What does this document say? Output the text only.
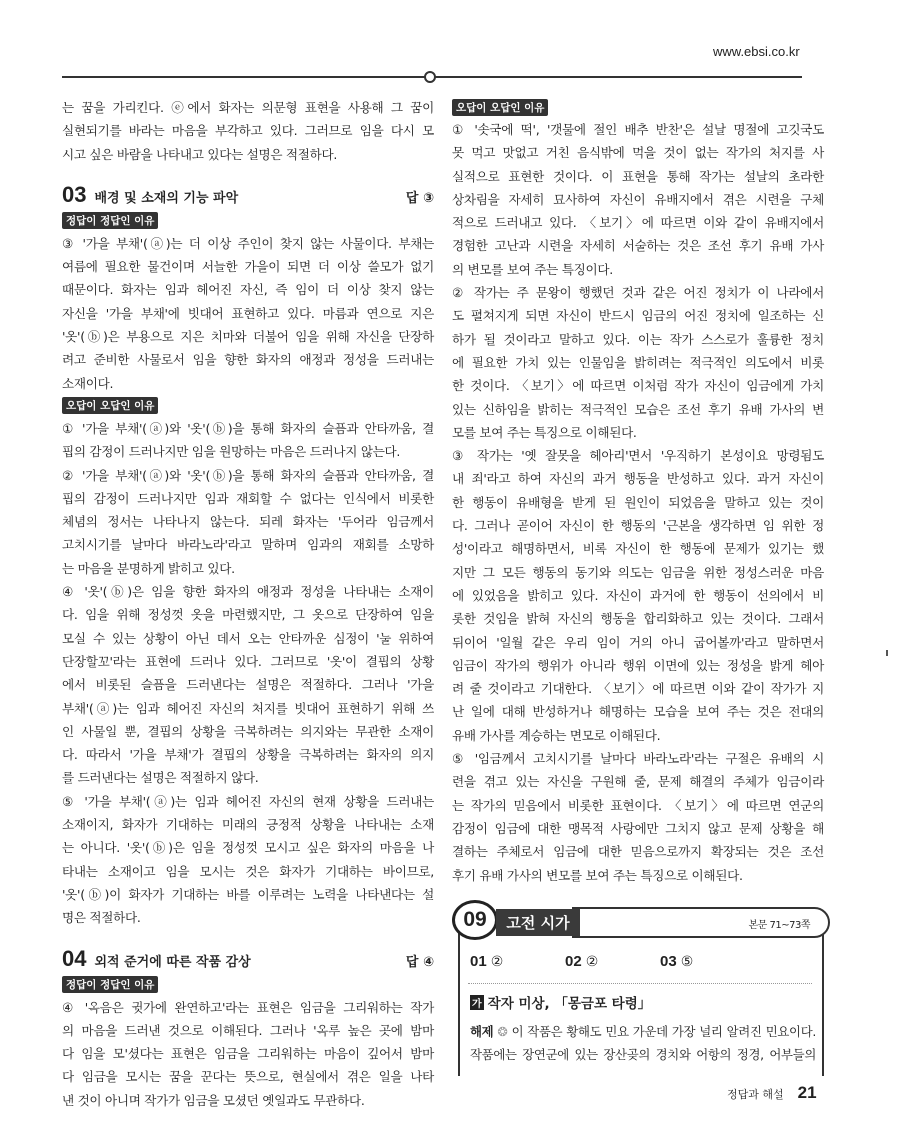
www.ebsi.co.kr
는 꿈을 가리킨다. ⓔ에서 화자는 의문형 표현을 사용해 그 꿈이
실현되기를 바라는 마음을 부각하고 있다. 그러므로 임을 다시 모
시고 싶은 바람을 나타내고 있다는 설명은 적절하다.
03 배경 및 소재의 기능 파악	답 ③
정답이 정답인 이유
③ '가을 부채'(ⓐ)는 더 이상 주인이 찾지 않는 사물이다. 부채는
여름에 필요한 물건이며 서늘한 가을이 되면 더 이상 쓸모가 없기
때문이다. 화자는 임과 헤어진 자신, 즉 임이 더 이상 찾지 않는
자신을 '가을 부채'에 빗대어 표현하고 있다. 마름과 연으로 지은
'옷'(ⓑ)은 부용으로 지은 치마와 더불어 임을 위해 자신을 단장하
려고 준비한 사물로서 임을 향한 화자의 애정과 정성을 드러내는
소재이다.
오답이 오답인 이유
① '가을 부채'(ⓐ)와 '옷'(ⓑ)을 통해 화자의 슬픔과 안타까움, 결
핍의 감정이 드러나지만 임을 원망하는 마음은 드러나지 않는다.
② '가을 부채'(ⓐ)와 '옷'(ⓑ)을 통해 화자의 슬픔과 안타까움, 결
핍의 감정이 드러나지만 임과 재회할 수 없다는 인식에서 비롯한
체념의 정서는 나타나지 않는다. 되레 화자는 '두어라 임금께서
고치시기를 날마다 바라노라'라고 말하며 임과의 재회를 소망하
는 마음을 분명하게 밝히고 있다.
④ '옷'(ⓑ)은 임을 향한 화자의 애정과 정성을 나타내는 소재이
다. 임을 위해 정성껏 옷을 마련했지만, 그 옷으로 단장하여 임을
모실 수 있는 상황이 아닌 데서 오는 안타까운 심정이 '눌 위하여
단장할꼬'라는 표현에 드러나 있다. 그러므로 '옷'이 결핍의 상황
에서 비롯된 슬픔을 드러낸다는 설명은 적절하다. 그러나 '가을
부채'(ⓐ)는 임과 헤어진 자신의 처지를 빗대어 표현하기 위해 쓰
인 사물일 뿐, 결핍의 상황을 극복하려는 의지와는 무관한 소재이
다. 따라서 '가을 부채'가 결핍의 상황을 극복하려는 화자의 의지
를 드러낸다는 설명은 적절하지 않다.
⑤ '가을 부채'(ⓐ)는 임과 헤어진 자신의 현재 상황을 드러내는
소재이지, 화자가 기대하는 미래의 긍정적 상황을 나타내는 소재
는 아니다. '옷'(ⓑ)은 임을 정성껏 모시고 싶은 화자의 마음을 나
타내는 소재이고 임을 모시는 것은 화자가 기대하는 바이므로,
'옷'(ⓑ)이 화자가 기대하는 바를 이루려는 노력을 나타낸다는 설
명은 적절하다.
04 외적 준거에 따른 작품 감상	답 ④
정답이 정답인 이유
④ '옥음은 귓가에 완연하고'라는 표현은 임금을 그리워하는 작가
의 마음을 드러낸 것으로 이해된다. 그러나 '옥루 높은 곳에 밤마
다 임을 모'셨다는 표현은 임금을 그리워하는 마음이 깊어서 밤마
다 임금을 모시는 꿈을 꾼다는 뜻으로, 현실에서 겪은 일을 나타
낸 것이 아니며 작가가 임금을 모셨던 옛일과도 무관하다.
오답이 오답인 이유
① '솟국에 떡', '갯물에 절인 배추 반찬'은 설날 명절에 고깃국도
못 먹고 맛없고 거친 음식밖에 먹을 것이 없는 작가의 처지를 사
실적으로 표현한 것이다. 이 표현을 통해 작가는 설날의 초라한
상차림을 자세히 묘사하여 자신이 유배지에서 겪은 시련을 구체
적으로 드러내고 있다. 〈보기〉에 따르면 이와 같이 유배지에서
경험한 고난과 시련을 자세히 서술하는 것은 조선 후기 유배 가사
의 변모를 보여 주는 특징이다.
② 작가는 주 문왕이 행했던 것과 같은 어진 정치가 이 나라에서
도 펼쳐지게 되면 자신이 반드시 임금의 어진 정치에 일조하는 신
하가 될 것이라고 말하고 있다. 이는 작가 스스로가 훌륭한 정치
에 필요한 가치 있는 인물임을 밝히려는 적극적인 의도에서 비롯
한 것이다. 〈보기〉에 따르면 이처럼 작가 자신이 임금에게 가치
있는 신하임을 밝히는 적극적인 모습은 조선 후기 유배 가사의 변
모를 보여 주는 특징으로 이해된다.
③ 작가는 '옛 잘못을 헤아리'면서 '우직하기 본성이요 망령됨도
내 죄'라고 하여 자신의 과거 행동을 반성하고 있다. 과거 자신이
한 행동이 유배형을 받게 된 원인이 되었음을 말하고 있는 것이
다. 그러나 곧이어 자신이 한 행동의 '근본을 생각하면 임 위한 정
성'이라고 해명하면서, 비록 자신이 한 행동에 문제가 있기는 했
지만 그 모든 행동의 동기와 의도는 임금을 위한 정성스러운 마음
에 있었음을 밝히고 있다. 자신이 과거에 한 행동이 선의에서 비
롯한 것임을 밝혀 자신의 행동을 합리화하고 있는 것이다. 그래서
뒤이어 '일월 같은 우리 임이 거의 아니 굽어볼까'라고 말하면서
임금이 작가의 행위가 아니라 행위 이면에 있는 정성을 밝게 헤아
려 줄 것이라고 기대한다. 〈보기〉에 따르면 이와 같이 작가가 지
난 일에 대해 반성하거나 해명하는 모습을 보여 주는 것은 전대의
유배 가사를 계승하는 면모로 이해된다.
⑤ '임금께서 고치시기를 날마다 바라노라'라는 구절은 유배의 시
련을 겪고 있는 자신을 구원해 줄, 문제 해결의 주체가 임금이라
는 작가의 믿음에서 비롯한 표현이다. 〈보기〉에 따르면 연군의
감정이 임금에 대한 맹목적 사랑에만 그치지 않고 문제 상황을 해
결하는 주체로서 임금에 대한 믿음으로까지 확장되는 것은 조선
후기 유배 가사의 변모를 보여 주는 특징으로 이해된다.
본문 71~73쪽
09	고전 시가
01 ②	02 ②	03 ⑤
가 작자 미상, 「몽금포 타령」
해제 ❂ 이 작품은 황해도 민요 가운데 가장 널리 알려진 민요이다.
작품에는 장연군에 있는 장산곶의 경치와 어항의 정경, 어부들의
정답과 해설 21
